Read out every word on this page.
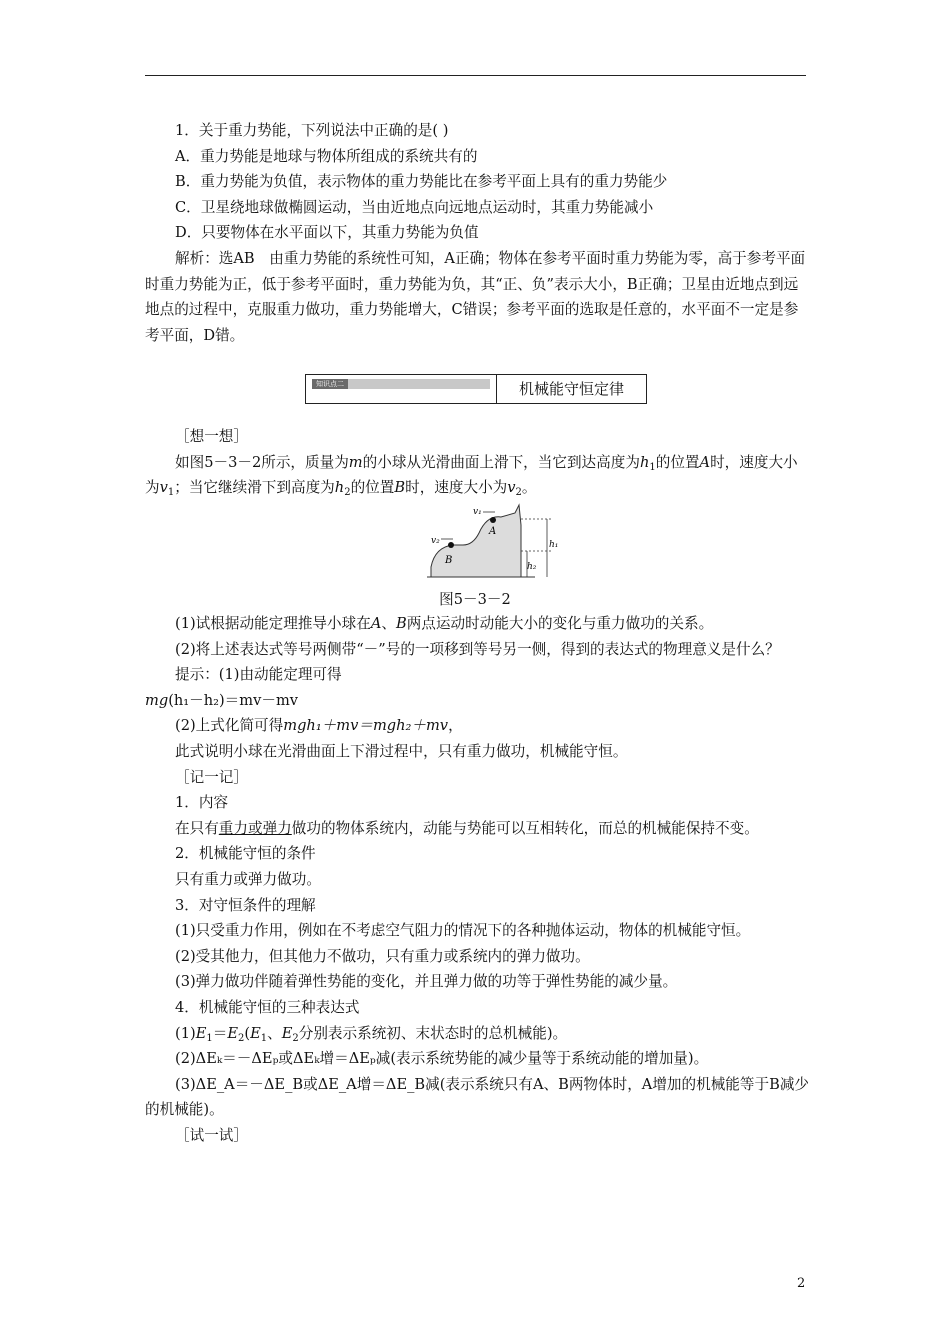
1．关于重力势能，下列说法中正确的是( )
A．重力势能是地球与物体所组成的系统共有的
B．重力势能为负值，表示物体的重力势能比在参考平面上具有的重力势能少
C．卫星绕地球做椭圆运动，当由近地点向远地点运动时，其重力势能减小
D．只要物体在水平面以下，其重力势能为负值
解析：选AB　由重力势能的系统性可知，A正确；物体在参考平面时重力势能为零，高于参考平面时重力势能为正，低于参考平面时，重力势能为负，其“正、负”表示大小，B正确；卫星由近地点到远地点的过程中，克服重力做功，重力势能增大，C错误；参考平面的选取是任意的，水平面不一定是参考平面，D错。
知识点二	机械能守恒定律
［想一想］
如图5－3－2所示，质量为m的小球从光滑曲面上滑下，当它到达高度为$h_1$的位置A时，速度大小为$v_1$；当它继续滑下到高度为$h_2$的位置B时，速度大小为$v_2$。
v₁
A
v₂
B
h₁
h₂
图5－3－2
(1)试根据动能定理推导小球在A、B两点运动时动能大小的变化与重力做功的关系。
(2)将上述表达式等号两侧带“－”号的一项移到等号另一侧，得到的表达式的物理意义是什么？
提示：(1)由动能定理可得
mg(h₁－h₂)＝mv－mv
(2)上式化简可得mgh₁＋mv＝mgh₂＋mv，
此式说明小球在光滑曲面上下滑过程中，只有重力做功，机械能守恒。
［记一记］
1．内容
在只有重力或弹力做功的物体系统内，动能与势能可以互相转化，而总的机械能保持不变。
2．机械能守恒的条件
只有重力或弹力做功。
3．对守恒条件的理解
(1)只受重力作用，例如在不考虑空气阻力的情况下的各种抛体运动，物体的机械能守恒。
(2)受其他力，但其他力不做功，只有重力或系统内的弹力做功。
(3)弹力做功伴随着弹性势能的变化，并且弹力做的功等于弹性势能的减少量。
4．机械能守恒的三种表达式
$(1)E_1=E_2(E_1$、$E_2$分别表示系统初、末状态时的总机械能)。
(2)ΔEₖ＝－ΔEₚ或ΔEₖ增＝ΔEₚ减(表示系统势能的减少量等于系统动能的增加量)。
(3)ΔE_A＝－ΔE_B或ΔE_A增＝ΔE_B减(表示系统只有A、B两物体时，A增加的机械能等于B减少的机械能)。
［试一试］
2
